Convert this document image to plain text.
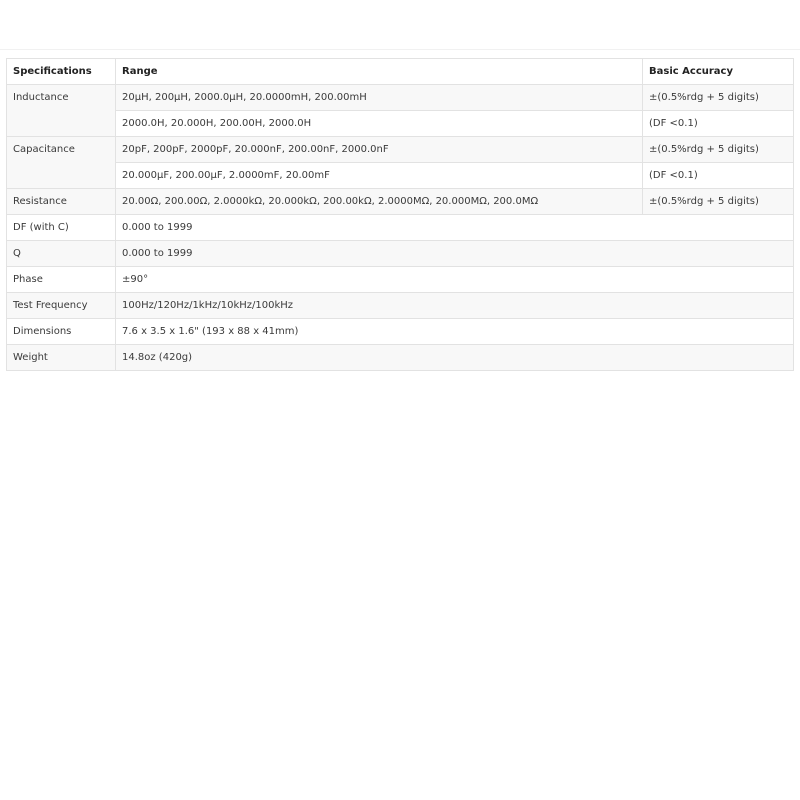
Specifications	Range	Basic Accuracy
Inductance	20μH, 200μH, 2000.0μH, 20.0000mH, 200.00mH	±(0.5%rdg + 5 digits)
	2000.0H, 20.000H, 200.00H, 2000.0H	(DF <0.1)
Capacitance	20pF, 200pF, 2000pF, 20.000nF, 200.00nF, 2000.0nF	±(0.5%rdg + 5 digits)
	20.000μF, 200.00μF, 2.0000mF, 20.00mF	(DF <0.1)
Resistance	20.00Ω, 200.00Ω, 2.0000kΩ, 20.000kΩ, 200.00kΩ, 2.0000MΩ, 20.000MΩ, 200.0MΩ	±(0.5%rdg + 5 digits)
DF (with C)	0.000 to 1999	
Q	0.000 to 1999	
Phase	±90°	
Test Frequency	100Hz/120Hz/1kHz/10kHz/100kHz	
Dimensions	7.6 x 3.5 x 1.6" (193 x 88 x 41mm)	
Weight	14.8oz (420g)	
